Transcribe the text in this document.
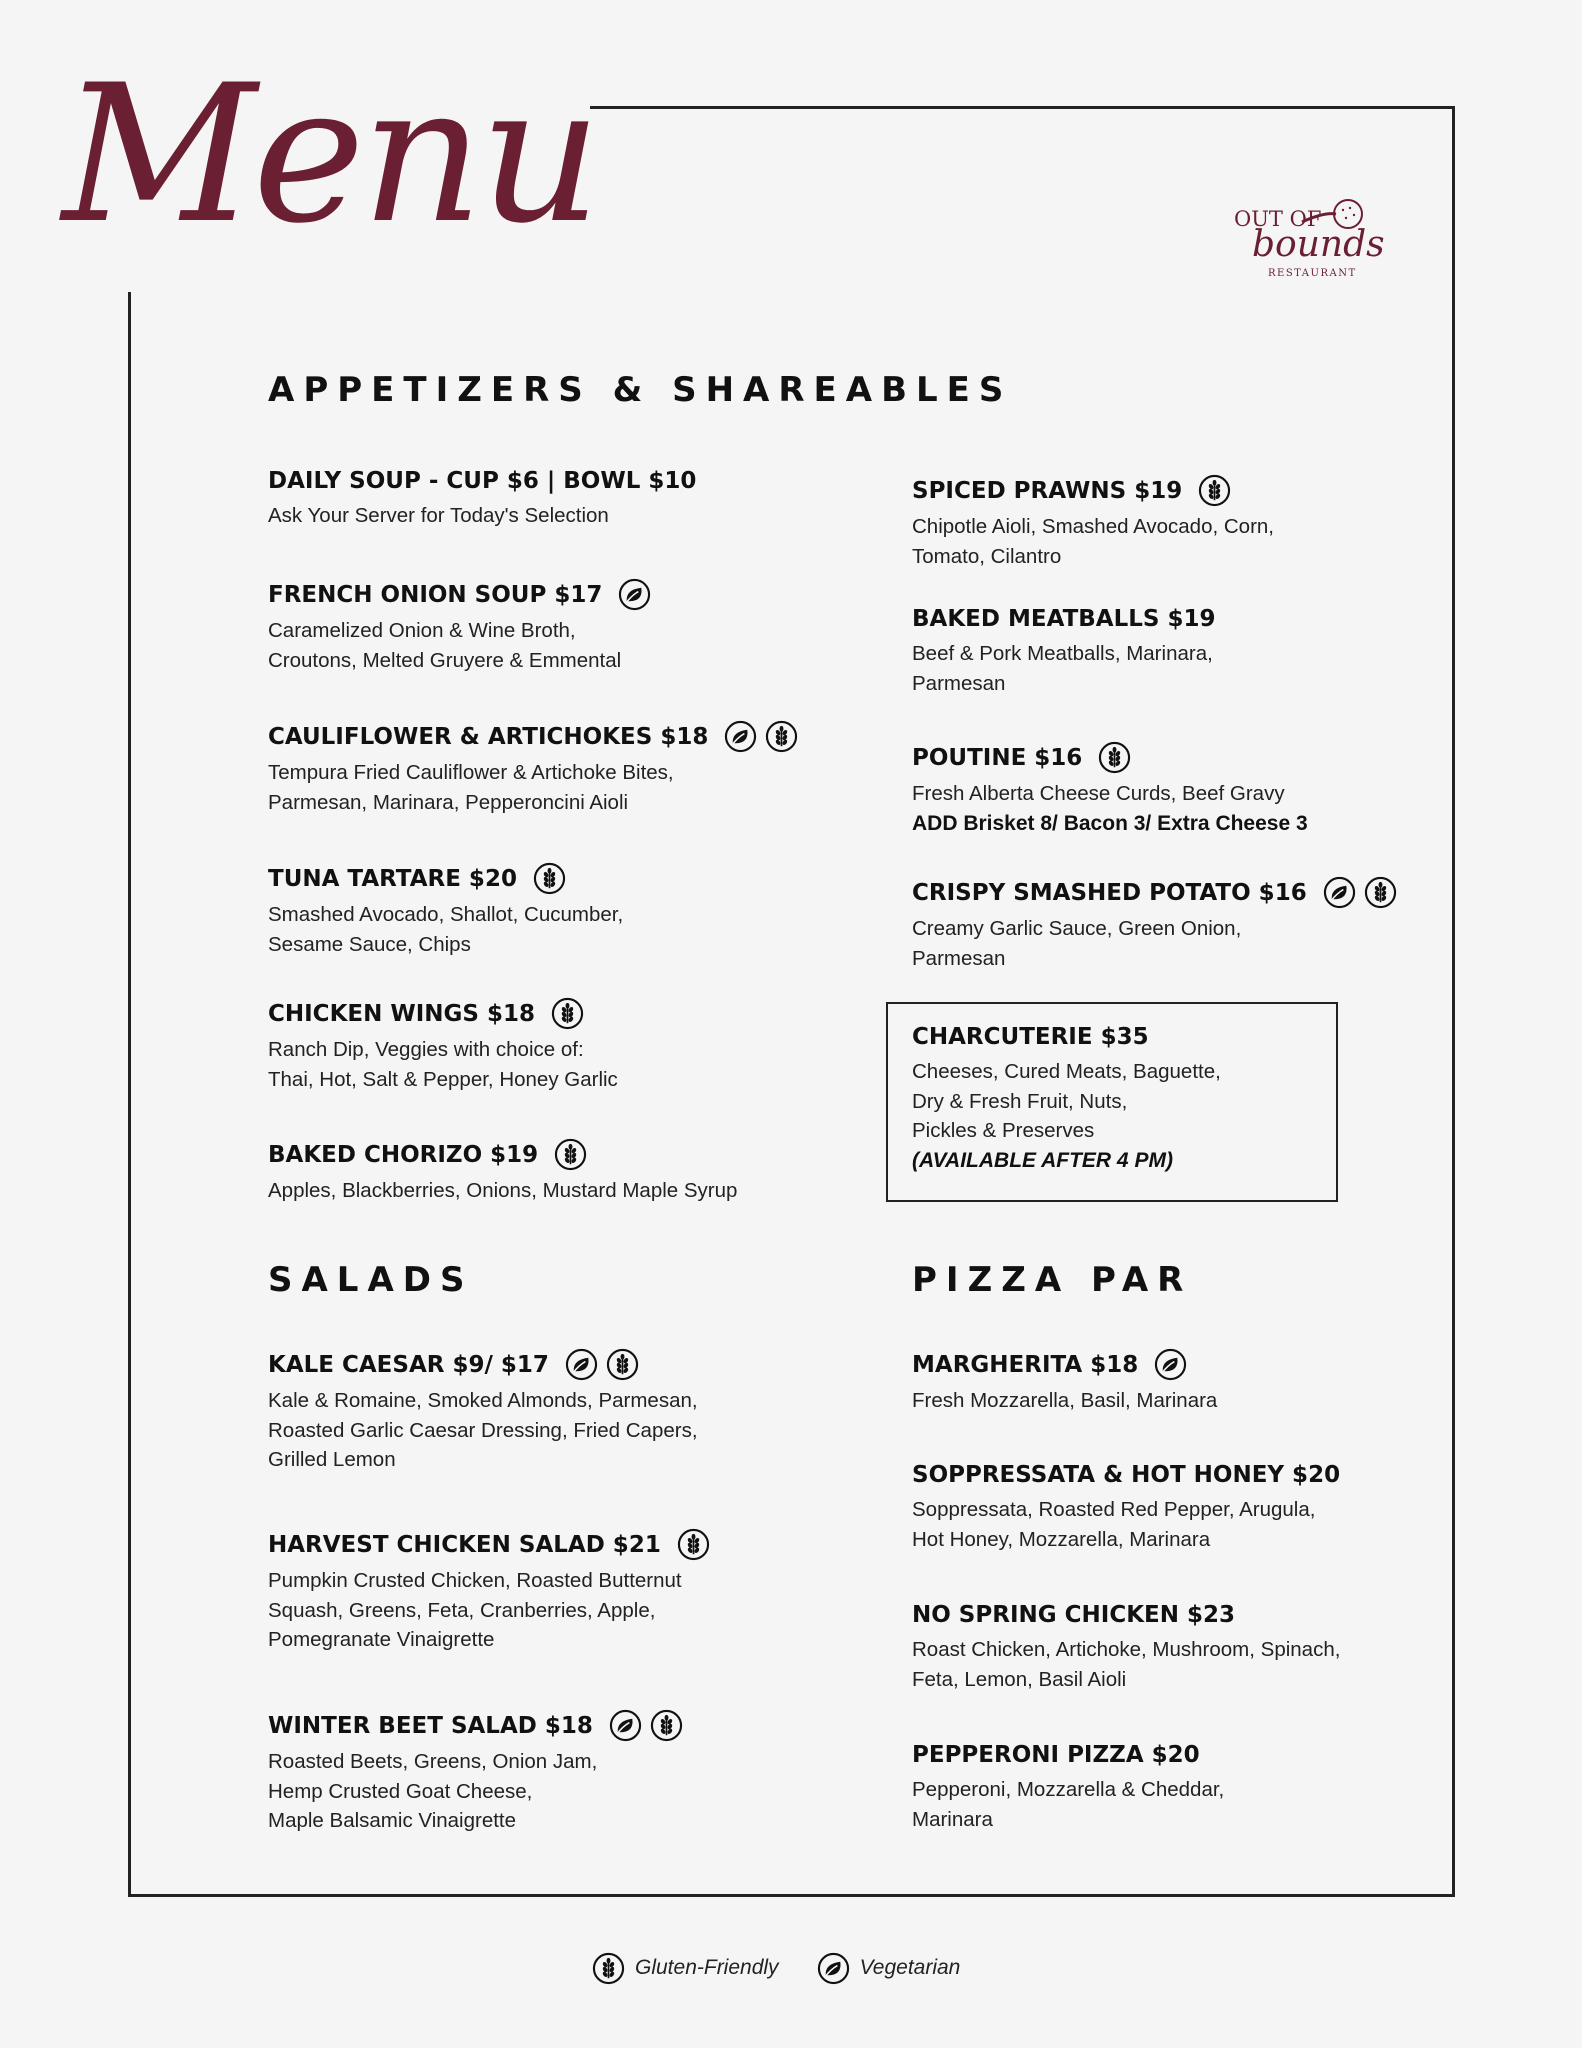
Menu	OUT OF
bounds
RESTAURANT
APPETIZERS & SHAREABLES
SALADS	PIZZA PAR
DAILY SOUP - CUP $6 | BOWL $10
Ask Your Server for Today's Selection
FRENCH ONION SOUP $17
Caramelized Onion & Wine Broth,
Croutons, Melted Gruyere & Emmental
CAULIFLOWER & ARTICHOKES $18
Tempura Fried Cauliflower & Artichoke Bites,
Parmesan, Marinara, Pepperoncini Aioli
TUNA TARTARE $20
Smashed Avocado, Shallot, Cucumber,
Sesame Sauce, Chips
CHICKEN WINGS $18
Ranch Dip, Veggies with choice of:
Thai, Hot, Salt & Pepper, Honey Garlic
BAKED CHORIZO $19
Apples, Blackberries, Onions, Mustard Maple Syrup
SPICED PRAWNS $19
Chipotle Aioli, Smashed Avocado, Corn,
Tomato, Cilantro
BAKED MEATBALLS $19
Beef & Pork Meatballs, Marinara,
Parmesan
POUTINE $16
Fresh Alberta Cheese Curds, Beef Gravy
ADD Brisket 8/ Bacon 3/ Extra Cheese 3
CRISPY SMASHED POTATO $16
Creamy Garlic Sauce, Green Onion,
Parmesan
CHARCUTERIE $35
Cheeses, Cured Meats, Baguette,
Dry & Fresh Fruit, Nuts,
Pickles & Preserves
(AVAILABLE AFTER 4 PM)
KALE CAESAR $9/ $17
Kale & Romaine, Smoked Almonds, Parmesan,
Roasted Garlic Caesar Dressing, Fried Capers,
Grilled Lemon
HARVEST CHICKEN SALAD $21
Pumpkin Crusted Chicken, Roasted Butternut
Squash, Greens, Feta, Cranberries, Apple,
Pomegranate Vinaigrette
WINTER BEET SALAD $18
Roasted Beets, Greens, Onion Jam,
Hemp Crusted Goat Cheese,
Maple Balsamic Vinaigrette
MARGHERITA $18
Fresh Mozzarella, Basil, Marinara
SOPPRESSATA & HOT HONEY $20
Soppressata, Roasted Red Pepper, Arugula,
Hot Honey, Mozzarella, Marinara
NO SPRING CHICKEN $23
Roast Chicken, Artichoke, Mushroom, Spinach,
Feta, Lemon, Basil Aioli
PEPPERONI PIZZA $20
Pepperoni, Mozzarella & Cheddar,
Marinara
Gluten-Friendly	Vegetarian
